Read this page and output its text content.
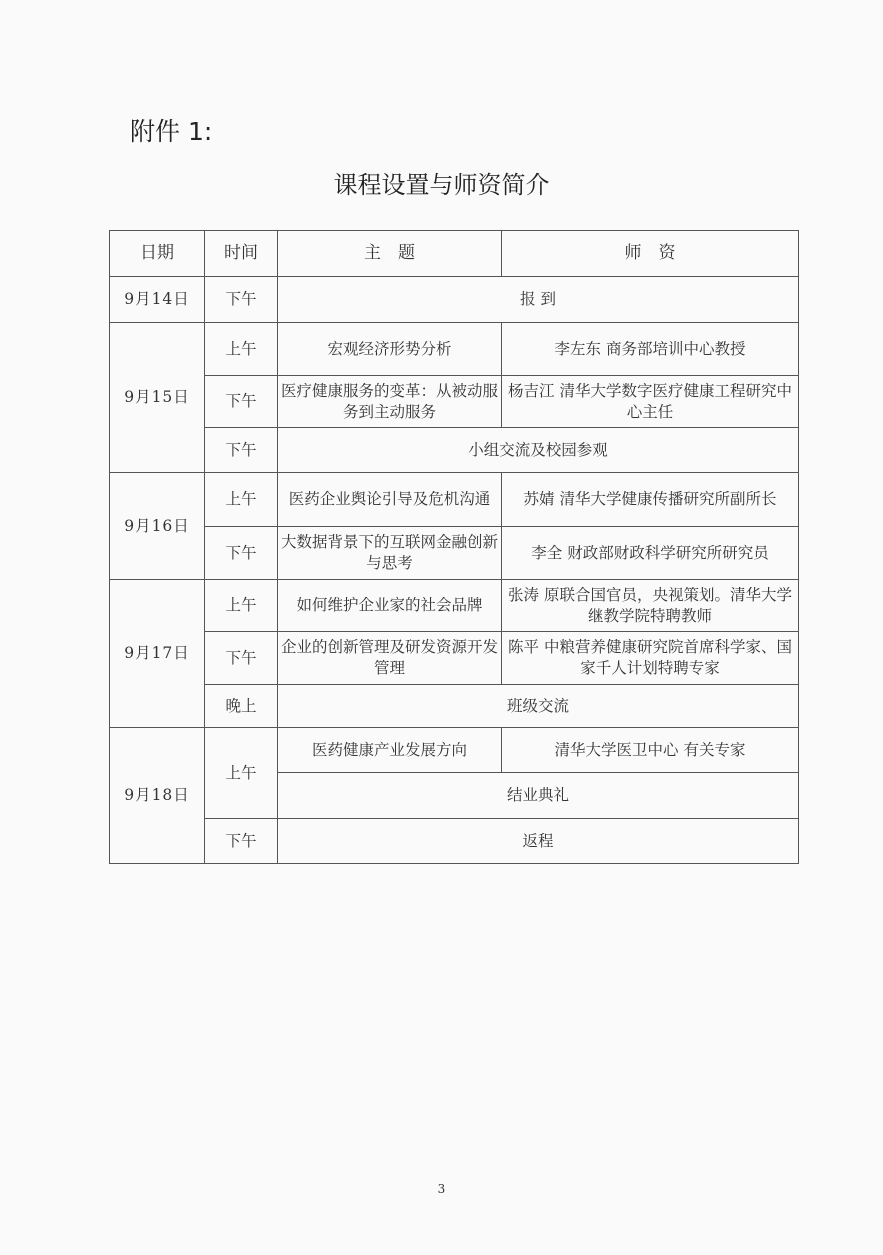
附件 1:
课程设置与师资简介
日期	时间	主　题	师　资
9月14日	下午	报 到	
9月15日	上午	宏观经济形势分析	李左东 商务部培训中心教授
	下午	医疗健康服务的变革：从被动服务到主动服务	杨吉江 清华大学数字医疗健康工程研究中心主任
	下午	小组交流及校园参观	
9月16日	上午	医药企业舆论引导及危机沟通	苏婧 清华大学健康传播研究所副所长
	下午	大数据背景下的互联网金融创新与思考	李全 财政部财政科学研究所研究员
9月17日	上午	如何维护企业家的社会品牌	张涛 原联合国官员，央视策划。清华大学继教学院特聘教师
	下午	企业的创新管理及研发资源开发管理	陈平 中粮营养健康研究院首席科学家、国家千人计划特聘专家
	晚上	班级交流	
9月18日	上午	医药健康产业发展方向	清华大学医卫中心 有关专家
		结业典礼	
	下午	返程	
3
